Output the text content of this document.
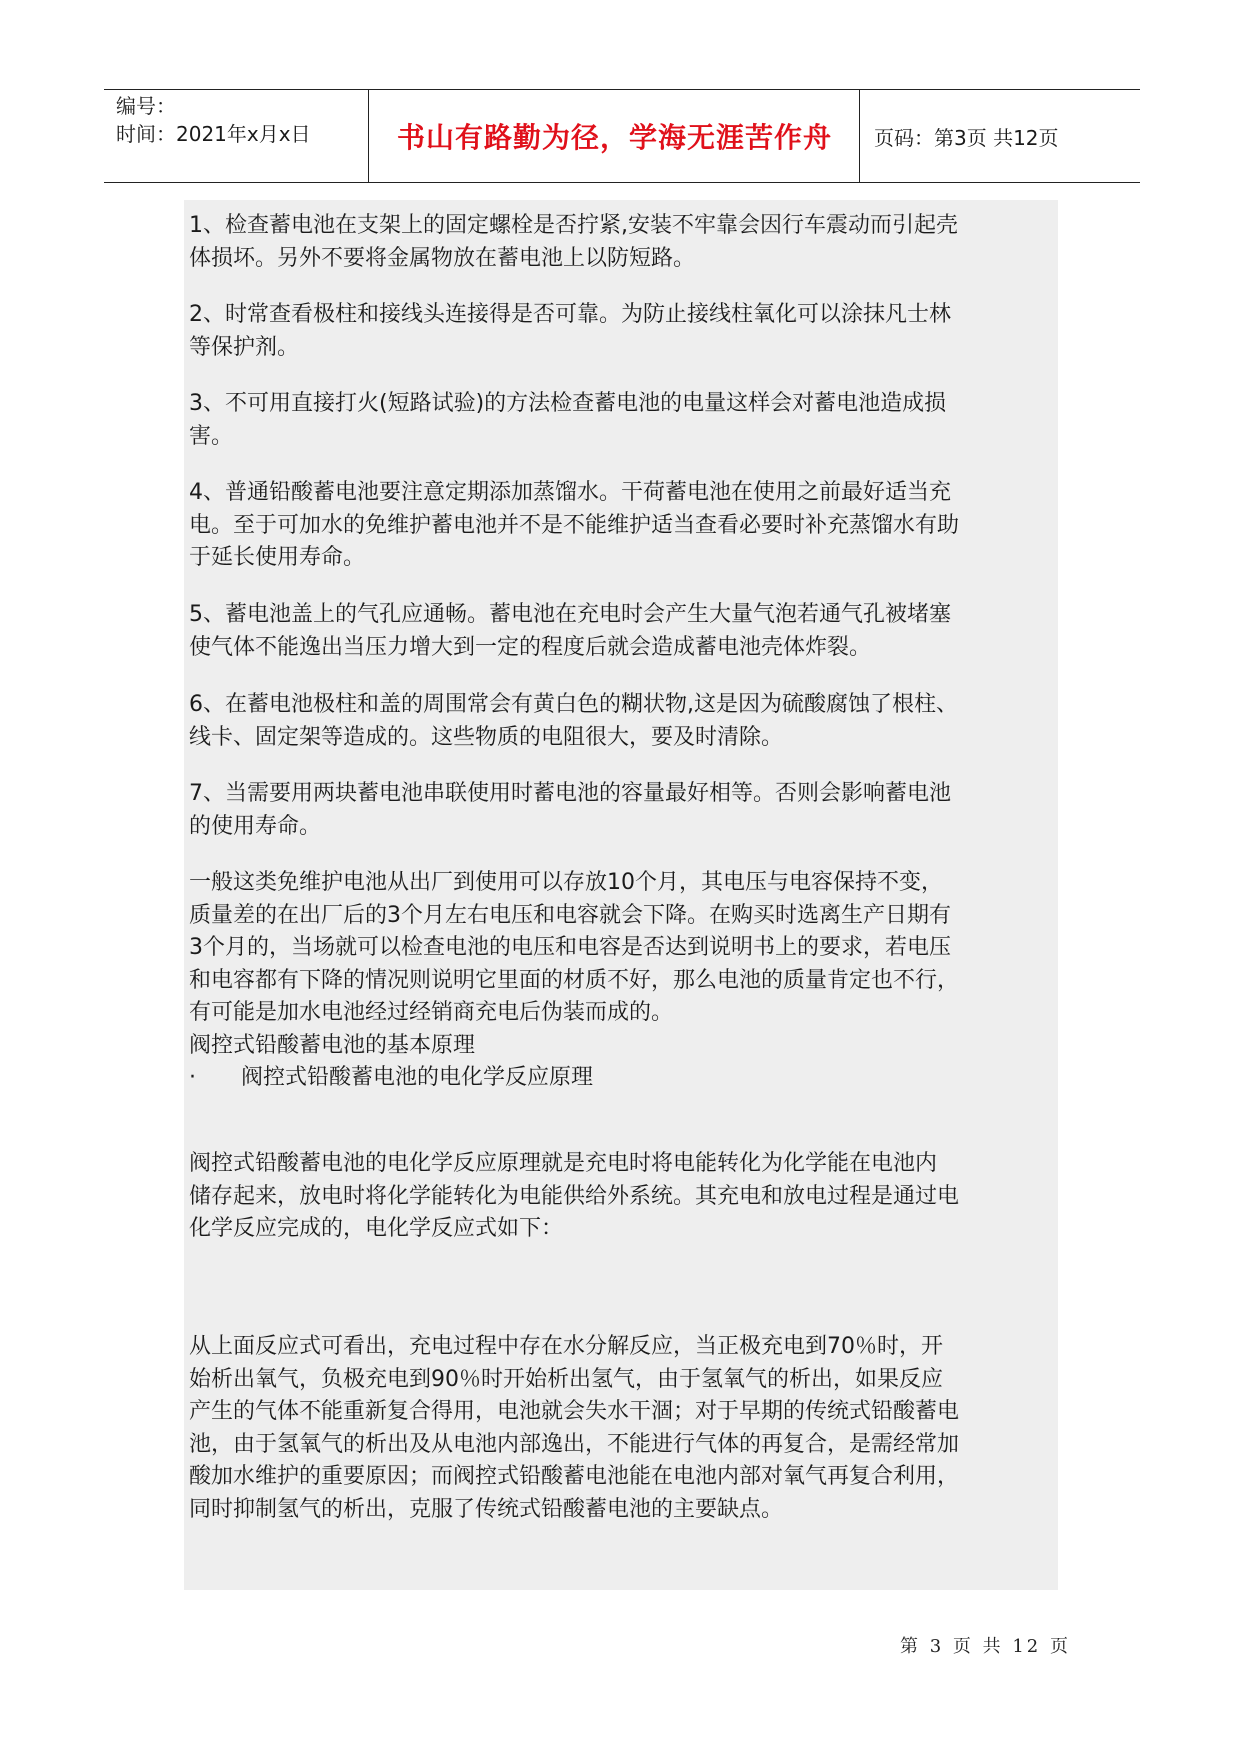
编号：
时间：2021年x月x日	书山有路勤为径，学海无涯苦作舟	页码：第3页 共12页
1、检查蓄电池在支架上的固定螺栓是否拧紧,安装不牢靠会因行车震动而引起壳
体损坏。另外不要将金属物放在蓄电池上以防短路。
2、时常查看极柱和接线头连接得是否可靠。为防止接线柱氧化可以涂抹凡士林
等保护剂。
3、不可用直接打火(短路试验)的方法检查蓄电池的电量这样会对蓄电池造成损
害。
4、普通铅酸蓄电池要注意定期添加蒸馏水。干荷蓄电池在使用之前最好适当充
电。至于可加水的免维护蓄电池并不是不能维护适当查看必要时补充蒸馏水有助
于延长使用寿命。
5、蓄电池盖上的气孔应通畅。蓄电池在充电时会产生大量气泡若通气孔被堵塞
使气体不能逸出当压力增大到一定的程度后就会造成蓄电池壳体炸裂。
6、在蓄电池极柱和盖的周围常会有黄白色的糊状物,这是因为硫酸腐蚀了根柱、
线卡、固定架等造成的。这些物质的电阻很大，要及时清除。
7、当需要用两块蓄电池串联使用时蓄电池的容量最好相等。否则会影响蓄电池
的使用寿命。
一般这类免维护电池从出厂到使用可以存放10个月，其电压与电容保持不变，
质量差的在出厂后的3个月左右电压和电容就会下降。在购买时选离生产日期有
3个月的，当场就可以检查电池的电压和电容是否达到说明书上的要求，若电压
和电容都有下降的情况则说明它里面的材质不好，那么电池的质量肯定也不行，
有可能是加水电池经过经销商充电后伪装而成的。
阀控式铅酸蓄电池的基本原理
· 阀控式铅酸蓄电池的电化学反应原理
阀控式铅酸蓄电池的电化学反应原理就是充电时将电能转化为化学能在电池内
储存起来，放电时将化学能转化为电能供给外系统。其充电和放电过程是通过电
化学反应完成的，电化学反应式如下：
从上面反应式可看出，充电过程中存在水分解反应，当正极充电到70％时，开
始析出氧气，负极充电到90％时开始析出氢气，由于氢氧气的析出，如果反应
产生的气体不能重新复合得用，电池就会失水干涸；对于早期的传统式铅酸蓄电
池，由于氢氧气的析出及从电池内部逸出，不能进行气体的再复合，是需经常加
酸加水维护的重要原因；而阀控式铅酸蓄电池能在电池内部对氧气再复合利用，
同时抑制氢气的析出，克服了传统式铅酸蓄电池的主要缺点。
第 3 页 共 12 页
